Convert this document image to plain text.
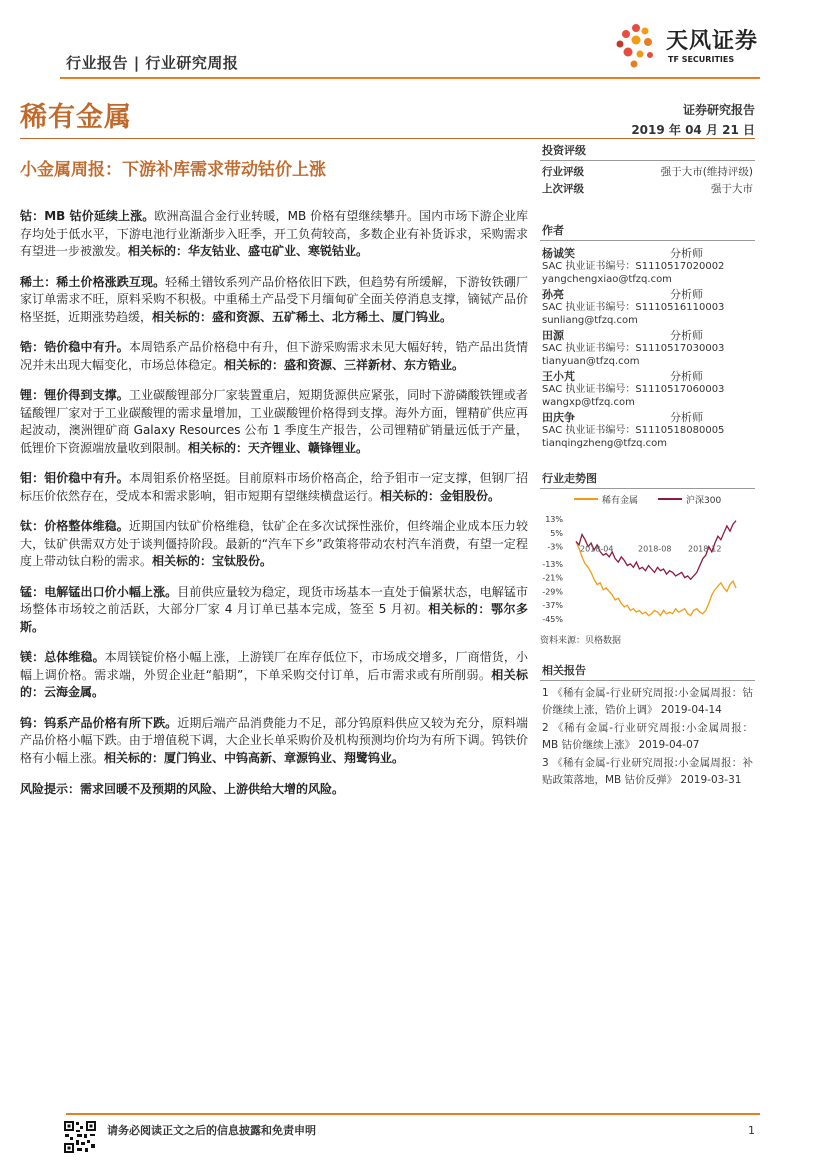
行业报告 | 行业研究周报
天风证券
TF SECURITIES
稀有金属	证券研究报告
2019 年 04 月 21 日
小金属周报：下游补库需求带动钴价上涨
钴：MB 钴价延续上涨。欧洲高温合金行业转暖，MB 价格有望继续攀升。国内市场下游企业库存均处于低水平，下游电池行业渐渐步入旺季，开工负荷较高，多数企业有补货诉求，采购需求有望进一步被激发。相关标的：华友钴业、盛屯矿业、寒锐钴业。
稀土：稀土价格涨跌互现。轻稀土镨钕系列产品价格依旧下跌，但趋势有所缓解，下游钕铁硼厂家订单需求不旺，原料采购不积极。中重稀土产品受下月缅甸矿全面关停消息支撑，镝铽产品价格坚挺，近期涨势趋缓，相关标的：盛和资源、五矿稀土、北方稀土、厦门钨业。
锆：锆价稳中有升。本周锆系产品价格稳中有升，但下游采购需求未见大幅好转，锆产品出货情况并未出现大幅变化，市场总体稳定。相关标的：盛和资源、三祥新材、东方锆业。
锂：锂价得到支撑。工业碳酸锂部分厂家装置重启，短期货源供应紧张，同时下游磷酸铁锂或者锰酸锂厂家对于工业碳酸锂的需求量增加，工业碳酸锂价格得到支撑。海外方面，锂精矿供应再起波动，澳洲锂矿商 Galaxy Resources 公布 1 季度生产报告，公司锂精矿销量远低于产量，低锂价下资源端放量收到限制。相关标的：天齐锂业、赣锋锂业。
钼：钼价稳中有升。本周钼系价格坚挺。目前原料市场价格高企，给予钼市一定支撑，但钢厂招标压价依然存在，受成本和需求影响，钼市短期有望继续横盘运行。相关标的：金钼股份。
钛：价格整体维稳。近期国内钛矿价格维稳，钛矿企在多次试探性涨价，但终端企业成本压力较大，钛矿供需双方处于谈判僵持阶段。最新的“汽车下乡”政策将带动农村汽车消费，有望一定程度上带动钛白粉的需求。相关标的：宝钛股份。
锰：电解锰出口价小幅上涨。目前供应量较为稳定，现货市场基本一直处于偏紧状态，电解锰市场整体市场较之前活跃，大部分厂家 4 月订单已基本完成，签至 5 月初。相关标的：鄂尔多斯。
镁：总体维稳。本周镁锭价格小幅上涨，上游镁厂在库存低位下，市场成交增多，厂商惜货，小幅上调价格。需求端，外贸企业赶“船期”，下单采购交付订单，后市需求或有所削弱。相关标的：云海金属。
钨：钨系产品价格有所下跌。近期后端产品消费能力不足，部分钨原料供应又较为充分，原料端产品价格小幅下跌。由于增值税下调，大企业长单采购价及机构预测均价均为有所下调。钨铁价格有小幅上涨。相关标的：厦门钨业、中钨高新、章源钨业、翔鹭钨业。
风险提示：需求回暖不及预期的风险、上游供给大增的风险。
投资评级
行业评级	强于大市(维持评级)
上次评级	强于大市
作者
杨诚笑	分析师
SAC 执业证书编号：S1110517020002
yangchengxiao@tfzq.com
孙亮	分析师
SAC 执业证书编号：S1110516110003
sunliang@tfzq.com
田源	分析师
SAC 执业证书编号：S1110517030003
tianyuan@tfzq.com
王小芃	分析师
SAC 执业证书编号：S1110517060003
wangxp@tfzq.com
田庆争	分析师
SAC 执业证书编号：S1110518080005
tianqingzheng@tfzq.com
行业走势图
稀有金属	沪深300
13%
5%
-3%
-13%
-21%
-29%
-37%
-45%
2018-04	2018-08 2018-12
资料来源：贝格数据
相关报告
1 《稀有金属-行业研究周报:小金属周报：钴价继续上涨，锆价上调》 2019-04-14
2 《稀有金属-行业研究周报:小金属周报：MB 钴价继续上涨》 2019-04-07
3 《稀有金属-行业研究周报:小金属周报：补贴政策落地，MB 钴价反弹》 2019-03-31
请务必阅读正文之后的信息披露和免责申明	1
